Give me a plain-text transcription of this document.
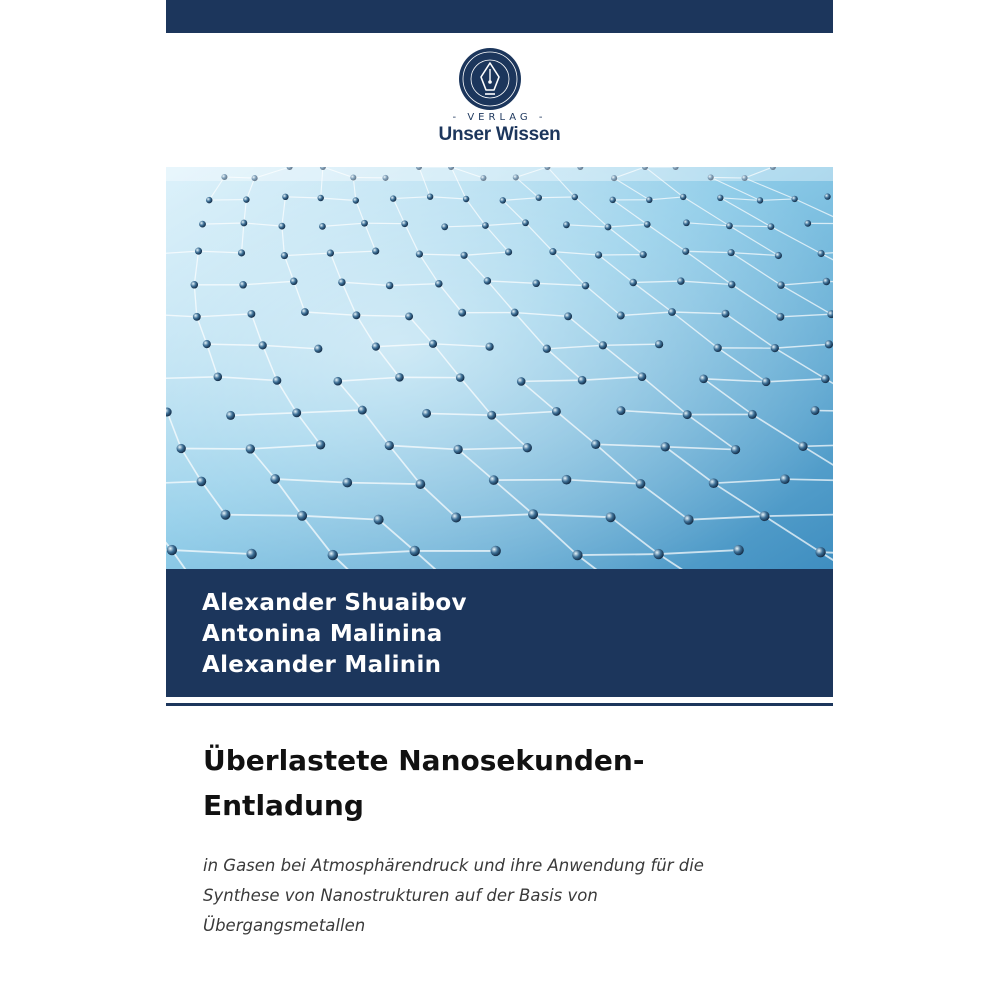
- VERLAG -
Unser Wissen
Alexander Shuaibov
Antonina Malinina
Alexander Malinin
Überlastete Nanosekunden-
Entladung

in Gasen bei Atmosphärendruck und ihre Anwendung für die
Synthese von Nanostrukturen auf der Basis von
Übergangsmetallen
